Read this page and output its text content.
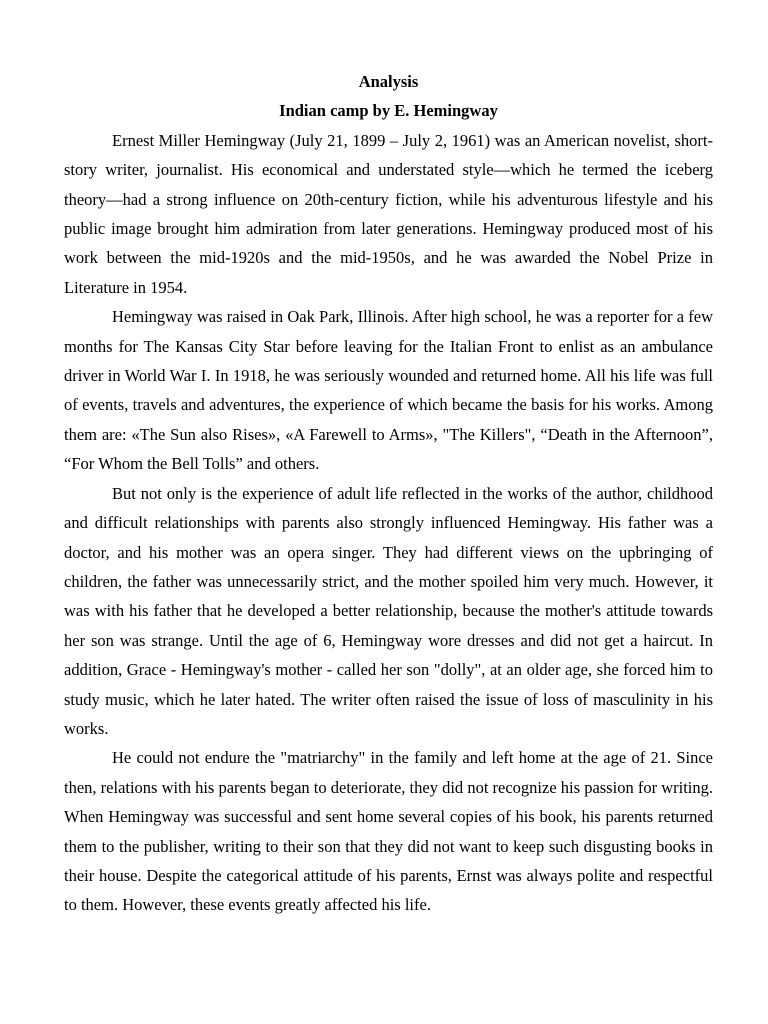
Analysis

Indian camp by E. Hemingway

Ernest Miller Hemingway (July 21, 1899 – July 2, 1961) was an American novelist, short-story writer, journalist. His economical and understated style—which he termed the iceberg theory—had a strong influence on 20th-century fiction, while his adventurous lifestyle and his public image brought him admiration from later generations. Hemingway produced most of his work between the mid-1920s and the mid-1950s, and he was awarded the Nobel Prize in Literature in 1954.

Hemingway was raised in Oak Park, Illinois. After high school, he was a reporter for a few months for The Kansas City Star before leaving for the Italian Front to enlist as an ambulance driver in World War I. In 1918, he was seriously wounded and returned home. All his life was full of events, travels and adventures, the experience of which became the basis for his works. Among them are: «The Sun also Rises», «A Farewell to Arms», "The Killers", “Death in the Afternoon”, “For Whom the Bell Tolls” and others.

But not only is the experience of adult life reflected in the works of the author, childhood and difficult relationships with parents also strongly influenced Hemingway. His father was a doctor, and his mother was an opera singer. They had different views on the upbringing of children, the father was unnecessarily strict, and the mother spoiled him very much. However, it was with his father that he developed a better relationship, because the mother's attitude towards her son was strange. Until the age of 6, Hemingway wore dresses and did not get a haircut. In addition, Grace - Hemingway's mother - called her son "dolly", at an older age, she forced him to study music, which he later hated. The writer often raised the issue of loss of masculinity in his works.

He could not endure the "matriarchy" in the family and left home at the age of 21. Since then, relations with his parents began to deteriorate, they did not recognize his passion for writing. When Hemingway was successful and sent home several copies of his book, his parents returned them to the publisher, writing to their son that they did not want to keep such disgusting books in their house. Despite the categorical attitude of his parents, Ernst was always polite and respectful to them. However, these events greatly affected his life.
